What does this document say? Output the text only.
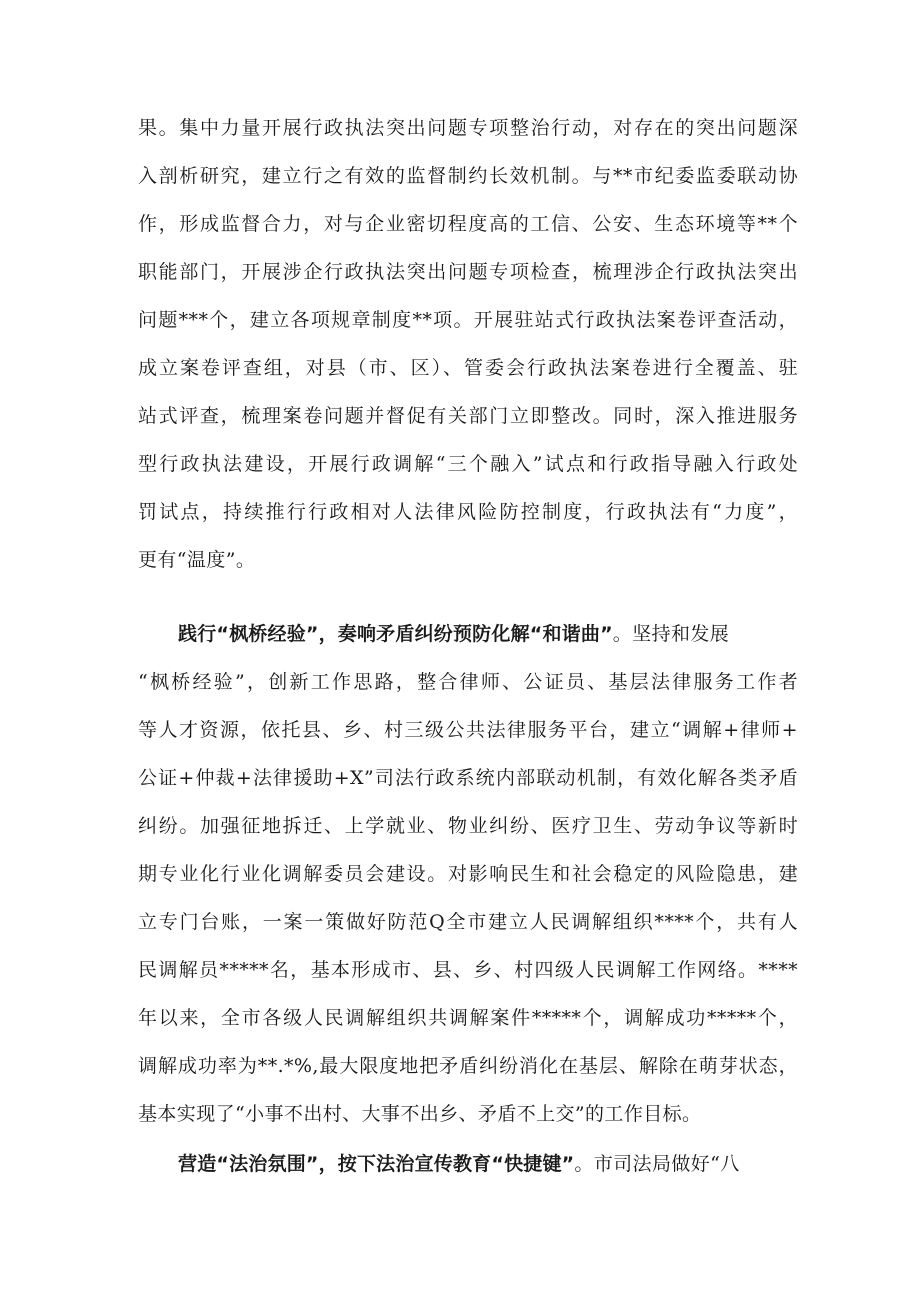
果。集中力量开展行政执法突出问题专项整治行动，对存在的突出问题深
入剖析研究，建立行之有效的监督制约长效机制。与**市纪委监委联动协
作，形成监督合力，对与企业密切程度高的工信、公安、生态环境等**个
职能部门，开展涉企行政执法突出问题专项检查，梳理涉企行政执法突出
问题***个，建立各项规章制度**项。开展驻站式行政执法案卷评查活动，
成立案卷评查组，对县（市、区）、管委会行政执法案卷进行全覆盖、驻
站式评查，梳理案卷问题并督促有关部门立即整改。同时，深入推进服务
型行政执法建设，开展行政调解“三个融入”试点和行政指导融入行政处
罚试点，持续推行行政相对人法律风险防控制度，行政执法有“力度”，
更有“温度”。
践行“枫桥经验”，奏响矛盾纠纷预防化解“和谐曲”。坚持和发展
“枫桥经验”，创新工作思路，整合律师、公证员、基层法律服务工作者
等人才资源，依托县、乡、村三级公共法律服务平台，建立“调解+律师+
公证+仲裁+法律援助+X”司法行政系统内部联动机制，有效化解各类矛盾
纠纷。加强征地拆迁、上学就业、物业纠纷、医疗卫生、劳动争议等新时
期专业化行业化调解委员会建设。对影响民生和社会稳定的风险隐患，建
立专门台账，一案一策做好防范Q全市建立人民调解组织****个，共有人
民调解员*****名，基本形成市、县、乡、村四级人民调解工作网络。****
年以来，全市各级人民调解组织共调解案件*****个，调解成功*****个，
调解成功率为**.*%,最大限度地把矛盾纠纷消化在基层、解除在萌芽状态，
基本实现了“小事不出村、大事不出乡、矛盾不上交”的工作目标。
营造“法治氛围”，按下法治宣传教育“快捷键”。市司法局做好“八
